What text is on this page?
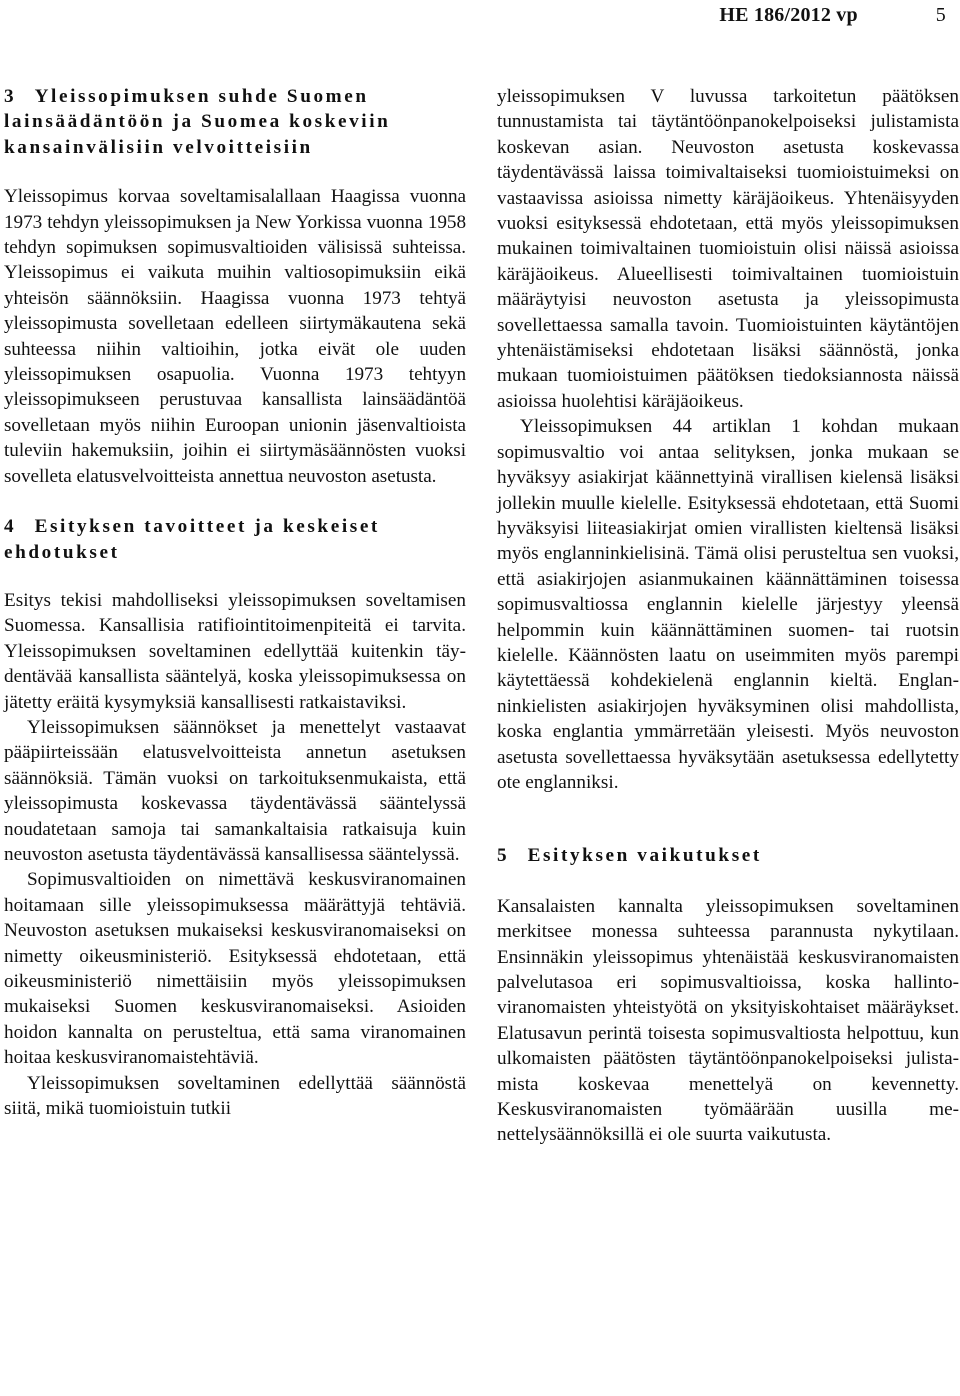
HE 186/2012 vp	5
3 Yleissopimuksen suhde Suomen lainsäädäntöön ja Suomea koskeviin kansainvälisiin velvoitteisiin

Yleissopimus korvaa soveltamisalallaan Haagissa vuonna 1973 tehdyn yleissopimuksen ja New Yorkissa vuonna 1958 tehdyn sopimuksen sopimusvaltioiden välisissä suhteissa. Yleissopimus ei vaikuta muihin valtiosopimuksiin eikä yhteisön säännöksiin. Haagissa vuonna 1973 tehtyä yleissopimusta sovelletaan edelleen siirtymäkautena sekä suhteessa niihin valtioihin, jotka eivät ole uuden yleissopimuksen osapuolia. Vuonna 1973 tehtyyn yleissopimukseen perustuvaa kansallista lainsäädäntöä sovelletaan myös niihin Euroopan unionin jäsenvaltioista tuleviin hakemuksiin, joihin ei siirtymäsäännösten vuoksi sovelleta elatusvelvoitteista annettua neuvoston asetusta.

4 Esityksen tavoitteet ja keskeiset ehdotukset

Esitys tekisi mahdolliseksi yleissopimuksen soveltamisen Suomessa. Kansallisia ratifiointitoimenpiteitä ei tarvita. Yleissopimuksen soveltaminen edellyttää kuitenkin täydentävää kansallista sääntelyä, koska yleissopimuksessa on jätetty eräitä kysymyksiä kansallisesti ratkaistaviksi.

Yleissopimuksen säännökset ja menettelyt vastaavat pääpiirteissään elatusvelvoitteista annetun asetuksen säännöksiä. Tämän vuoksi on tarkoituksenmukaista, että yleissopimusta koskevassa täydentävässä sääntelyssä noudatetaan samoja tai samankaltaisia ratkaisuja kuin neuvoston asetusta täydentävässä kansallisessa sääntelyssä.

Sopimusvaltioiden on nimettävä keskusviranomainen hoitamaan sille yleissopimuksessa määrättyjä tehtäviä. Neuvoston asetuksen mukaiseksi keskusviranomaiseksi on nimetty oikeusministeriö. Esityksessä ehdotetaan, että oikeusministeriö nimettäisiin myös yleissopimuksen mukaiseksi Suomen keskusviranomaiseksi. Asioiden hoidon kannalta on perusteltua, että sama viranomainen hoitaa keskusviranomaistehtäviä.

Yleissopimuksen soveltaminen edellyttää säännöstä siitä, mikä tuomioistuin tutkii

yleissopimuksen V luvussa tarkoitetun päätöksen tunnustamista tai täytäntöönpanokelpoiseksi julistamista koskevan asian. Neuvoston asetusta koskevassa täydentävässä laissa toimivaltaiseksi tuomioistuimeksi on vastaavissa asioissa nimetty käräjäoikeus. Yhtenäisyyden vuoksi esityksessä ehdotetaan, että myös yleissopimuksen mukainen toimivaltainen tuomioistuin olisi näissä asioissa käräjäoikeus. Alueellisesti toimivaltainen tuomioistuin määräytyisi neuvoston asetusta ja yleissopimusta sovellettaessa samalla tavoin. Tuomioistuinten käytäntöjen yhtenäistämiseksi ehdotetaan lisäksi säännöstä, jonka mukaan tuomioistuimen päätöksen tiedoksiannosta näissä asioissa huolehtisi käräjäoikeus.

Yleissopimuksen 44 artiklan 1 kohdan mukaan sopimusvaltio voi antaa selityksen, jonka mukaan se hyväksyy asiakirjat käännettyinä virallisen kielensä lisäksi jollekin muulle kielelle. Esityksessä ehdotetaan, että Suomi hyväksyisi liiteasiakirjat omien virallisten kieltensä lisäksi myös englanninkielisinä. Tämä olisi perusteltua sen vuoksi, että asiakirjojen asianmukainen käännättäminen toisessa sopimusvaltiossa englannin kielelle järjestyy yleensä helpommin kuin käännättäminen suomen- tai ruotsin kielelle. Käännösten laatu on useimmiten myös parempi käytettäessä kohdekielenä englannin kieltä. Englanninkielisten asiakirjojen hyväksyminen olisi mahdollista, koska englantia ymmärretään yleisesti. Myös neuvoston asetusta sovellettaessa hyväksytään asetuksessa edellytetty ote englanniksi.

5 Esityksen vaikutukset

Kansalaisten kannalta yleissopimuksen soveltaminen merkitsee monessa suhteessa parannusta nykytilaan. Ensinnäkin yleissopimus yhtenäistää keskusviranomaisten palvelutasoa eri sopimusvaltioissa, koska hallintoviranomaisten yhteistyötä on yksityiskohtaiset määräykset. Elatusavun perintä toisesta sopimusvaltiosta helpottuu, kun ulkomaisten päätösten täytäntöönpanokelpoiseksi julistamista koskevaa menettelyä on kevennetty. Keskusviranomaisten työmäärään uusilla menettelysäännöksillä ei ole suurta vaikutusta.
